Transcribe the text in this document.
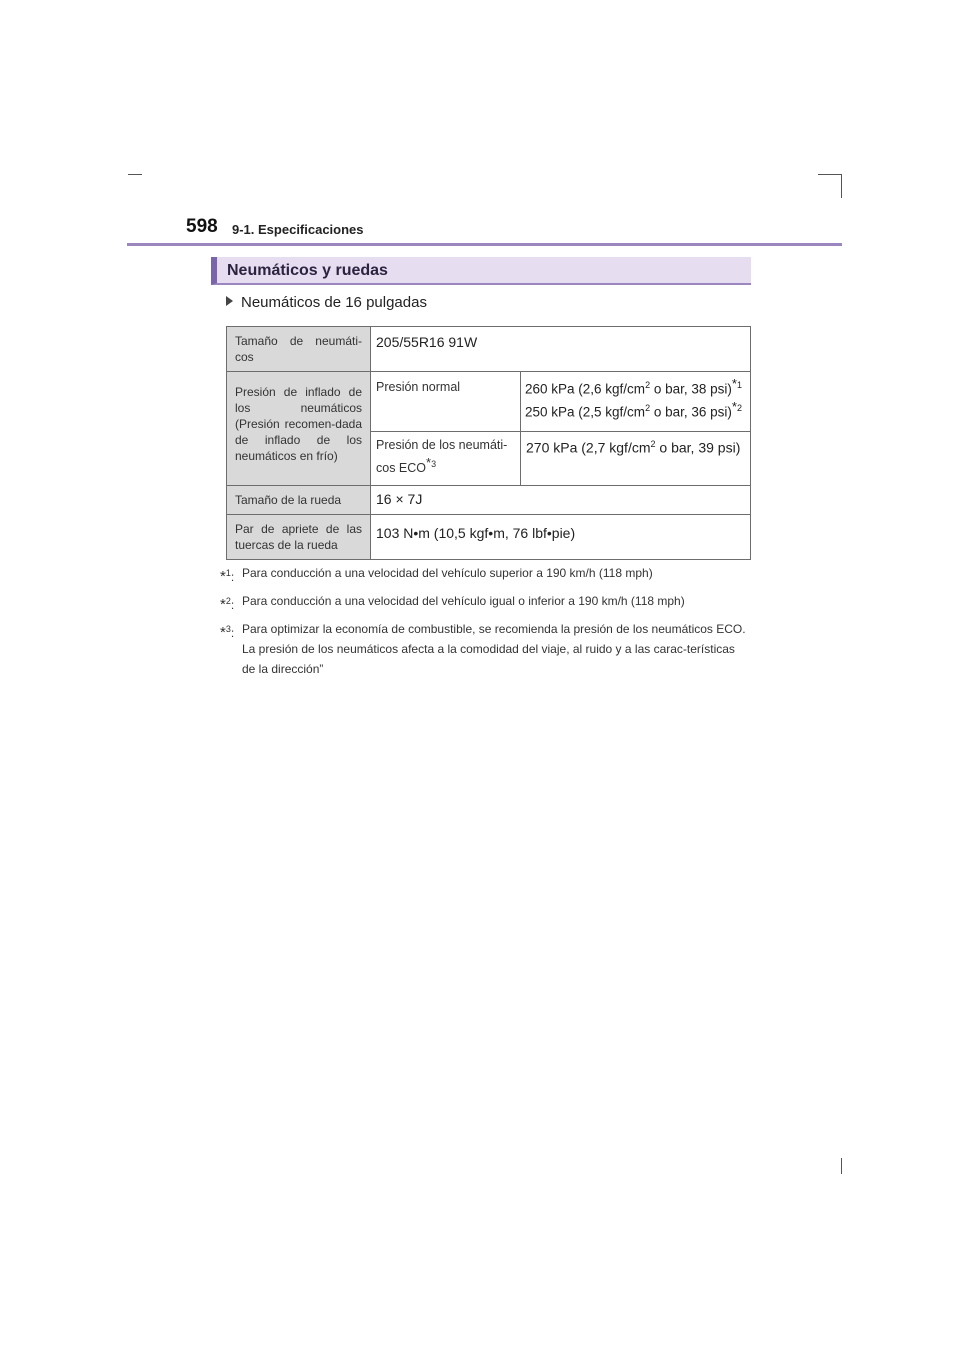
598 9-1. Especificaciones
Neumáticos y ruedas
Neumáticos de 16 pulgadas
Tamaño de neumáti-cos	205/55R16 91W	
Presión de inflado de los neumáticos (Presión recomen-dada de inflado de los neumáticos en frío)	Presión normal	260 kPa (2,6 kgf/$cm^2$ o bar, 38 psi)$^{*1}$
250 kPa (2,5 kgf/$cm^2$ o bar, 36 psi)$^{*2}$

	Presión de los neumáti-cos ECO$^{*3}$	270 kPa (2,7 kgf/$cm^2$ o bar, 39 psi)
Tamaño de la rueda	16 × 7J	
Par de apriete de las tuercas de la rueda	103 N•m (10,5 kgf•m, 76 lbf•pie)	
*$^1$: Para conducción a una velocidad del vehículo superior a 190 km/h (118 mph)
*$^2$: Para conducción a una velocidad del vehículo igual o inferior a 190 km/h (118 mph)
*$^3$: Para optimizar la economía de combustible, se recomienda la presión de los neumáticos ECO. La presión de los neumáticos afecta a la comodidad del viaje, al ruido y a las carac-terísticas de la dirección”
